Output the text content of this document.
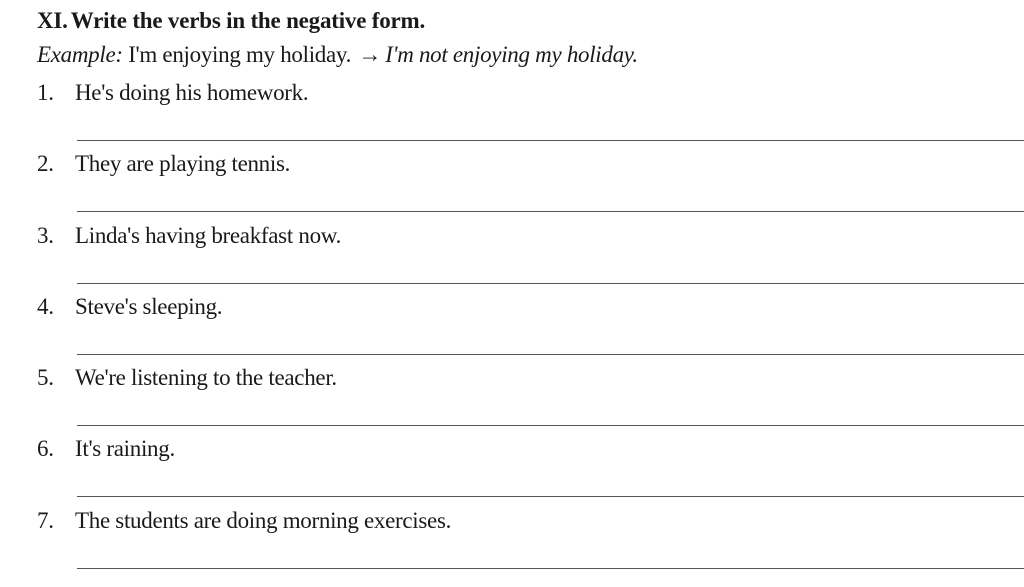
XI. Write the verbs in the negative form.
Example: I'm enjoying my holiday. → I'm not enjoying my holiday.
1. He's doing his homework.
2. They are playing tennis.
3. Linda's having breakfast now.
4. Steve's sleeping.
5. We're listening to the teacher.
6. It's raining.
7. The students are doing morning exercises.
